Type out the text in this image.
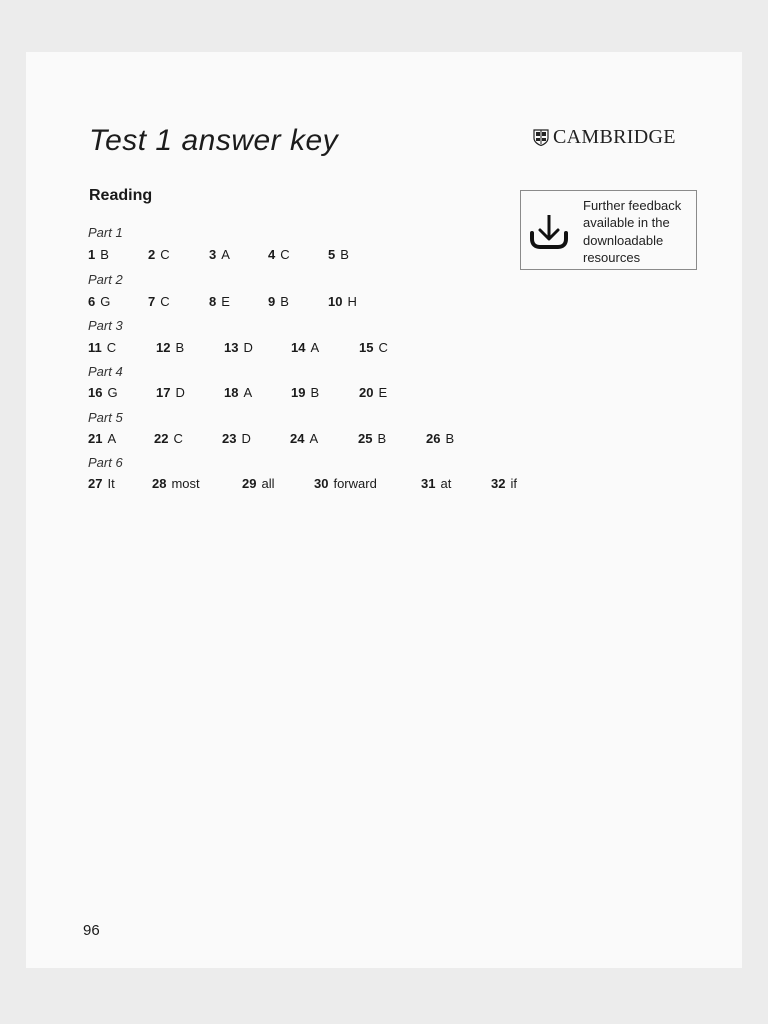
Test 1 answer key	CAMBRIDGE
Reading
Further feedback available in the downloadable resources
Part 1
1 B	2 C	3 A	4 C	5 B
Part 2
6 G	7 C	8 E	9 B	10 H
Part 3
11 C	12 B	13 D	14 A	15 C
Part 4
16 G	17 D	18 A	19 B	20 E
Part 5
21 A	22 C	23 D	24 A	25 B	26 B
Part 6
27 It	28 most	29 all	30 forward	31 at	32 if
96
